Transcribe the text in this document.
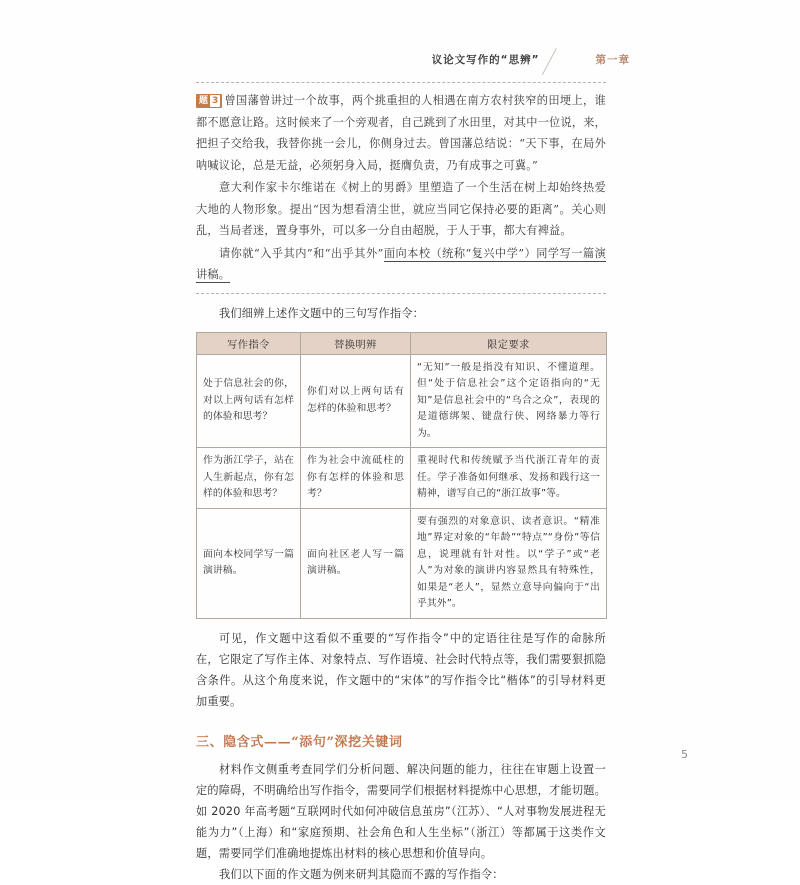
议论文写作的“思辨”	第一章

题 3 曾国藩曾讲过一个故事，两个挑重担的人相遇在南方农村狭窄的田埂上，谁都不愿意让路。这时候来了一个旁观者，自己跳到了水田里，对其中一位说，来，把担子交给我，我替你挑一会儿，你侧身过去。曾国藩总结说：“天下事，在局外呐喊议论，总是无益，必须躬身入局，挺膺负责，乃有成事之可冀。”

意大利作家卡尔维诺在《树上的男爵》里塑造了一个生活在树上却始终热爱大地的人物形象。提出“因为想看清尘世，就应当同它保持必要的距离”。关心则乱，当局者迷，置身事外，可以多一分自由超脱，于人于事，都大有裨益。

请你就“入乎其内”和“出乎其外”面向本校（统称“复兴中学”）同学写一篇演讲稿。

我们细辨上述作文题中的三句写作指令：

写作指令	替换明辨	限定要求
处于信息社会的你，对以上两句话有怎样的体验和思考？	你们对以上两句话有怎样的体验和思考？	“无知”一般是指没有知识、不懂道理。但“处于信息社会”这个定语指向的“无知”是信息社会中的“乌合之众”，表现的是道德绑架、键盘行侠、网络暴力等行为。
作为浙江学子，站在人生新起点，你有怎样的体验和思考？	作为社会中流砥柱的你有怎样的体验和思考？	重视时代和传统赋予当代浙江青年的责任。学子准备如何继承、发扬和践行这一精神，谱写自己的“浙江故事”等。
面向本校同学写一篇演讲稿。	面向社区老人写一篇演讲稿。	要有强烈的对象意识、读者意识。“精准地”界定对象的“年龄”“特点”“身份”等信息，说理就有针对性。以“学子”或“老人”为对象的演讲内容显然具有特殊性，如果是“老人”，显然立意导向偏向于“出乎其外”。

可见，作文题中这看似不重要的“写作指令”中的定语往往是写作的命脉所在，它限定了写作主体、对象特点、写作语境、社会时代特点等，我们需要狠抓隐含条件。从这个角度来说，作文题中的“宋体”的写作指令比“楷体”的引导材料更加重要。

三、隐含式——“添句”深挖关键词

材料作文侧重考查同学们分析问题、解决问题的能力，往往在审题上设置一定的障碍，不明确给出写作指令，需要同学们根据材料提炼中心思想，才能切题。如 2020 年高考题“互联网时代如何冲破信息茧房”（江苏）、“人对事物发展进程无能为力”（上海）和“家庭预期、社会角色和人生坐标”（浙江）等都属于这类作文题，需要同学们准确地提炼出材料的核心思想和价值导向。

我们以下面的作文题为例来研判其隐而不露的写作指令：

5
